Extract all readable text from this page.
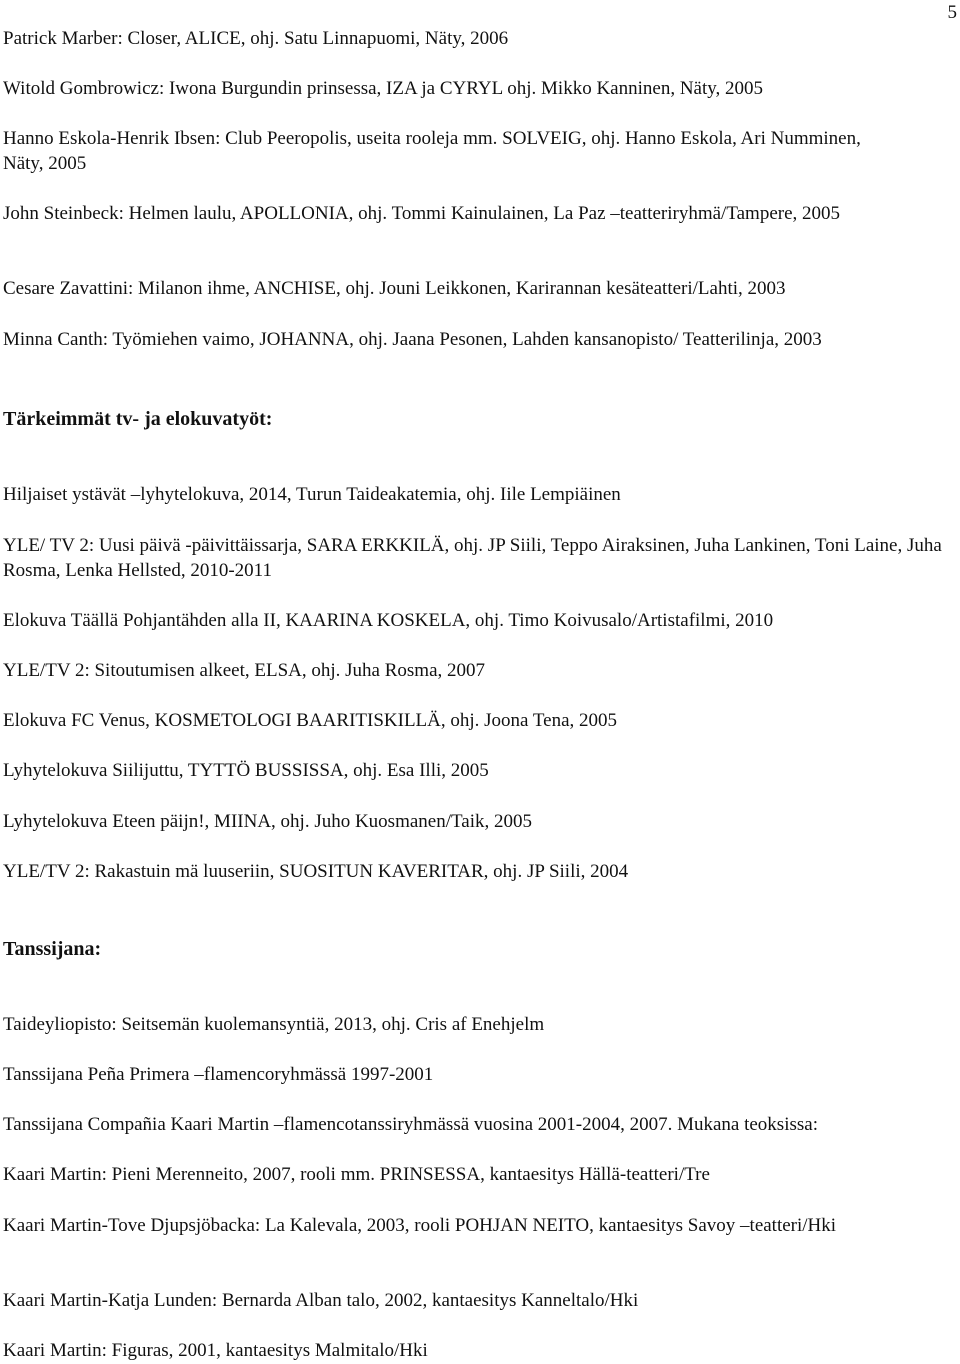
5
Patrick Marber: Closer, ALICE, ohj. Satu Linnapuomi, Näty, 2006
Witold Gombrowicz: Iwona Burgundin prinsessa, IZA ja CYRYL ohj. Mikko Kanninen, Näty, 2005
Hanno Eskola-Henrik Ibsen: Club Peeropolis, useita rooleja mm. SOLVEIG, ohj. Hanno Eskola, Ari Numminen, Näty, 2005
John Steinbeck: Helmen laulu, APOLLONIA, ohj. Tommi Kainulainen, La Paz –teatteriryhmä/Tampere, 2005
Cesare Zavattini: Milanon ihme, ANCHISE, ohj. Jouni Leikkonen, Karirannan kesäteatteri/Lahti, 2003
Minna Canth: Työmiehen vaimo, JOHANNA, ohj. Jaana Pesonen, Lahden kansanopisto/ Teatterilinja, 2003
Tärkeimmät tv- ja elokuvatyöt:
Hiljaiset ystävät –lyhytelokuva, 2014, Turun Taideakatemia, ohj. Iile Lempiäinen
YLE/ TV 2: Uusi päivä -päivittäissarja, SARA ERKKILÄ, ohj. JP Siili, Teppo Airaksinen, Juha Lankinen, Toni Laine, Juha Rosma, Lenka Hellsted, 2010-2011
Elokuva Täällä Pohjantähden alla II, KAARINA KOSKELA, ohj. Timo Koivusalo/Artistafilmi, 2010
YLE/TV 2: Sitoutumisen alkeet, ELSA, ohj. Juha Rosma, 2007
Elokuva FC Venus, KOSMETOLOGI BAARITISKILLÄ, ohj. Joona Tena, 2005
Lyhytelokuva Siilijuttu, TYTTÖ BUSSISSA, ohj. Esa Illi, 2005
Lyhytelokuva Eteen päijn!, MIINA, ohj. Juho Kuosmanen/Taik, 2005
YLE/TV 2: Rakastuin mä luuseriin, SUOSITUN KAVERITAR, ohj. JP Siili, 2004
Tanssijana:
Taideyliopisto: Seitsemän kuolemansyntiä, 2013, ohj. Cris af Enehjelm
Tanssijana Peña Primera –flamencoryhmässä 1997-2001
Tanssijana Compañia Kaari Martin –flamencotanssiryhmässä vuosina 2001-2004, 2007. Mukana teoksissa:
Kaari Martin: Pieni Merenneito, 2007, rooli mm. PRINSESSA, kantaesitys Hällä-teatteri/Tre
Kaari Martin-Tove Djupsjöbacka: La Kalevala, 2003, rooli POHJAN NEITO, kantaesitys Savoy –teatteri/Hki
Kaari Martin-Katja Lunden: Bernarda Alban talo, 2002, kantaesitys Kanneltalo/Hki
Kaari Martin: Figuras, 2001, kantaesitys Malmitalo/Hki
